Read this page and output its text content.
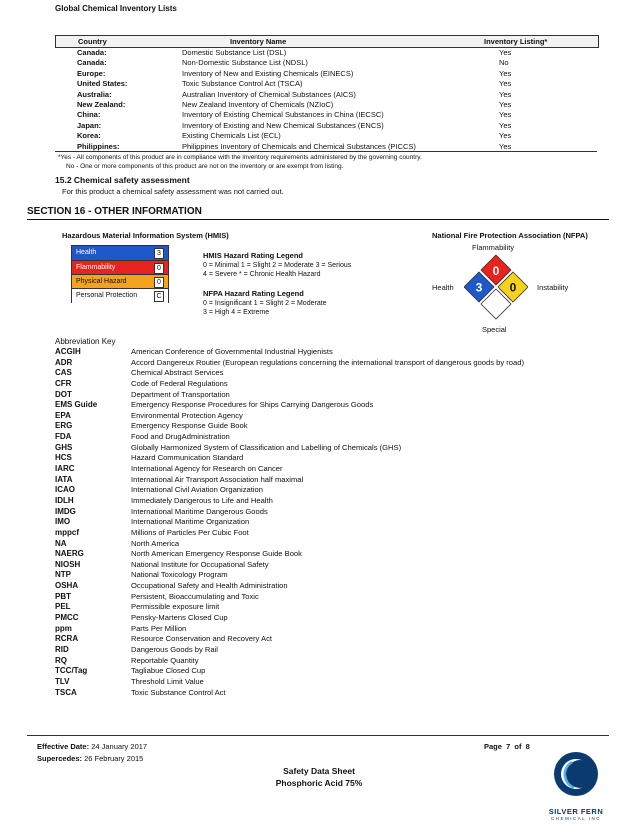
Global Chemical Inventory Lists
Country	Inventory Name	Inventory Listing*
Canada:	Domestic Substance List (DSL)	Yes
Canada:	Non-Domestic Substance List (NDSL)	No
Europe:	Inventory of New and Existing Chemicals (EINECS)	Yes
United States:	Toxic Substance Control Act (TSCA)	Yes
Australia:	Australian Inventory of Chemical Substances (AICS)	Yes
New Zealand:	New Zealand Inventory of Chemicals (NZIoC)	Yes
China:	Inventory of Existing Chemical Substances in China (IECSC)	Yes
Japan:	Inventory of Existing and New Chemical Substances (ENCS)	Yes
Korea:	Existing Chemicals List (ECL)	Yes
Philippines:	Philippines Inventory of Chemicals and Chemical Substances (PICCS)	Yes
*Yes - All components of this product are in compliance with the inventory requirements administered by the governing country.
No - One or more components of this product are not on the inventory or are exempt from listing.
15.2 Chemical safety assessment
For this product a chemical safety assessment was not carried out.
SECTION 16 - OTHER INFORMATION
Hazardous Material Information System (HMIS)
Health	3
Flammability	0
Physical Hazard	0
Personal Protection	C
HMIS Hazard Rating Legend
0 = Minimal 1 = Slight 2 = Moderate 3 = Serious
4 = Severe * = Chronic Health Hazard
NFPA Hazard Rating Legend
0 = Insignificant 1 = Slight 2 = Moderate
3 = High 4 = Extreme
National Fire Protection Association (NFPA)
Flammability
Health	Instability
Special
0
3 0
Abbreviation Key
ACGIH	American Conference of Governmental Industrial Hygienists
ADR	Accord Dangereux Routier (European regulations concerning the international transport of dangerous goods by road)
CAS	Chemical Abstract Services
CFR	Code of Federal Regulations
DOT	Department of Transportation
EMS Guide	Emergency Response Procedures for Ships Carrying Dangerous Goods
EPA	Environmental Protection Agency
ERG	Emergency Response Guide Book
FDA	Food and DrugAdministration
GHS	Globally Harmonized System of Classification and Labelling of Chemicals (GHS)
HCS	Hazard Communication Standard
IARC	International Agency for Research on Cancer
IATA	International Air Transport Association half maximal
ICAO	International Civil Aviation Organization
IDLH	Immediately Dangerous to Life and Health
IMDG	International Maritime Dangerous Goods
IMO	International Maritime Organization
mppcf	Millions of Particles Per Cubic Foot
NA	North America
NAERG	North American Emergency Response Guide Book
NIOSH	National Institute for Occupational Safety
NTP	National Toxicology Program
OSHA	Occupational Safety and Health Administration
PBT	Persistent, Bioaccumulating and Toxic
PEL	Permissible exposure limit
PMCC	Pensky-Martens Closed Cup
ppm	Parts Per Million
RCRA	Resource Conservation and Recovery Act
RID	Dangerous Goods by Rail
RQ	Reportable Quantity
TCC/Tag	Tagliabue Closed Cup
TLV	Threshold Limit Value
TSCA	Toxic Substance Control Act
Effective Date: 24 January 2017
Supercedes: 26 February 2015
Page  7  of  8
Safety Data Sheet
Phosphoric Acid 75%
SILVER FERN
CHEMICAL INC
